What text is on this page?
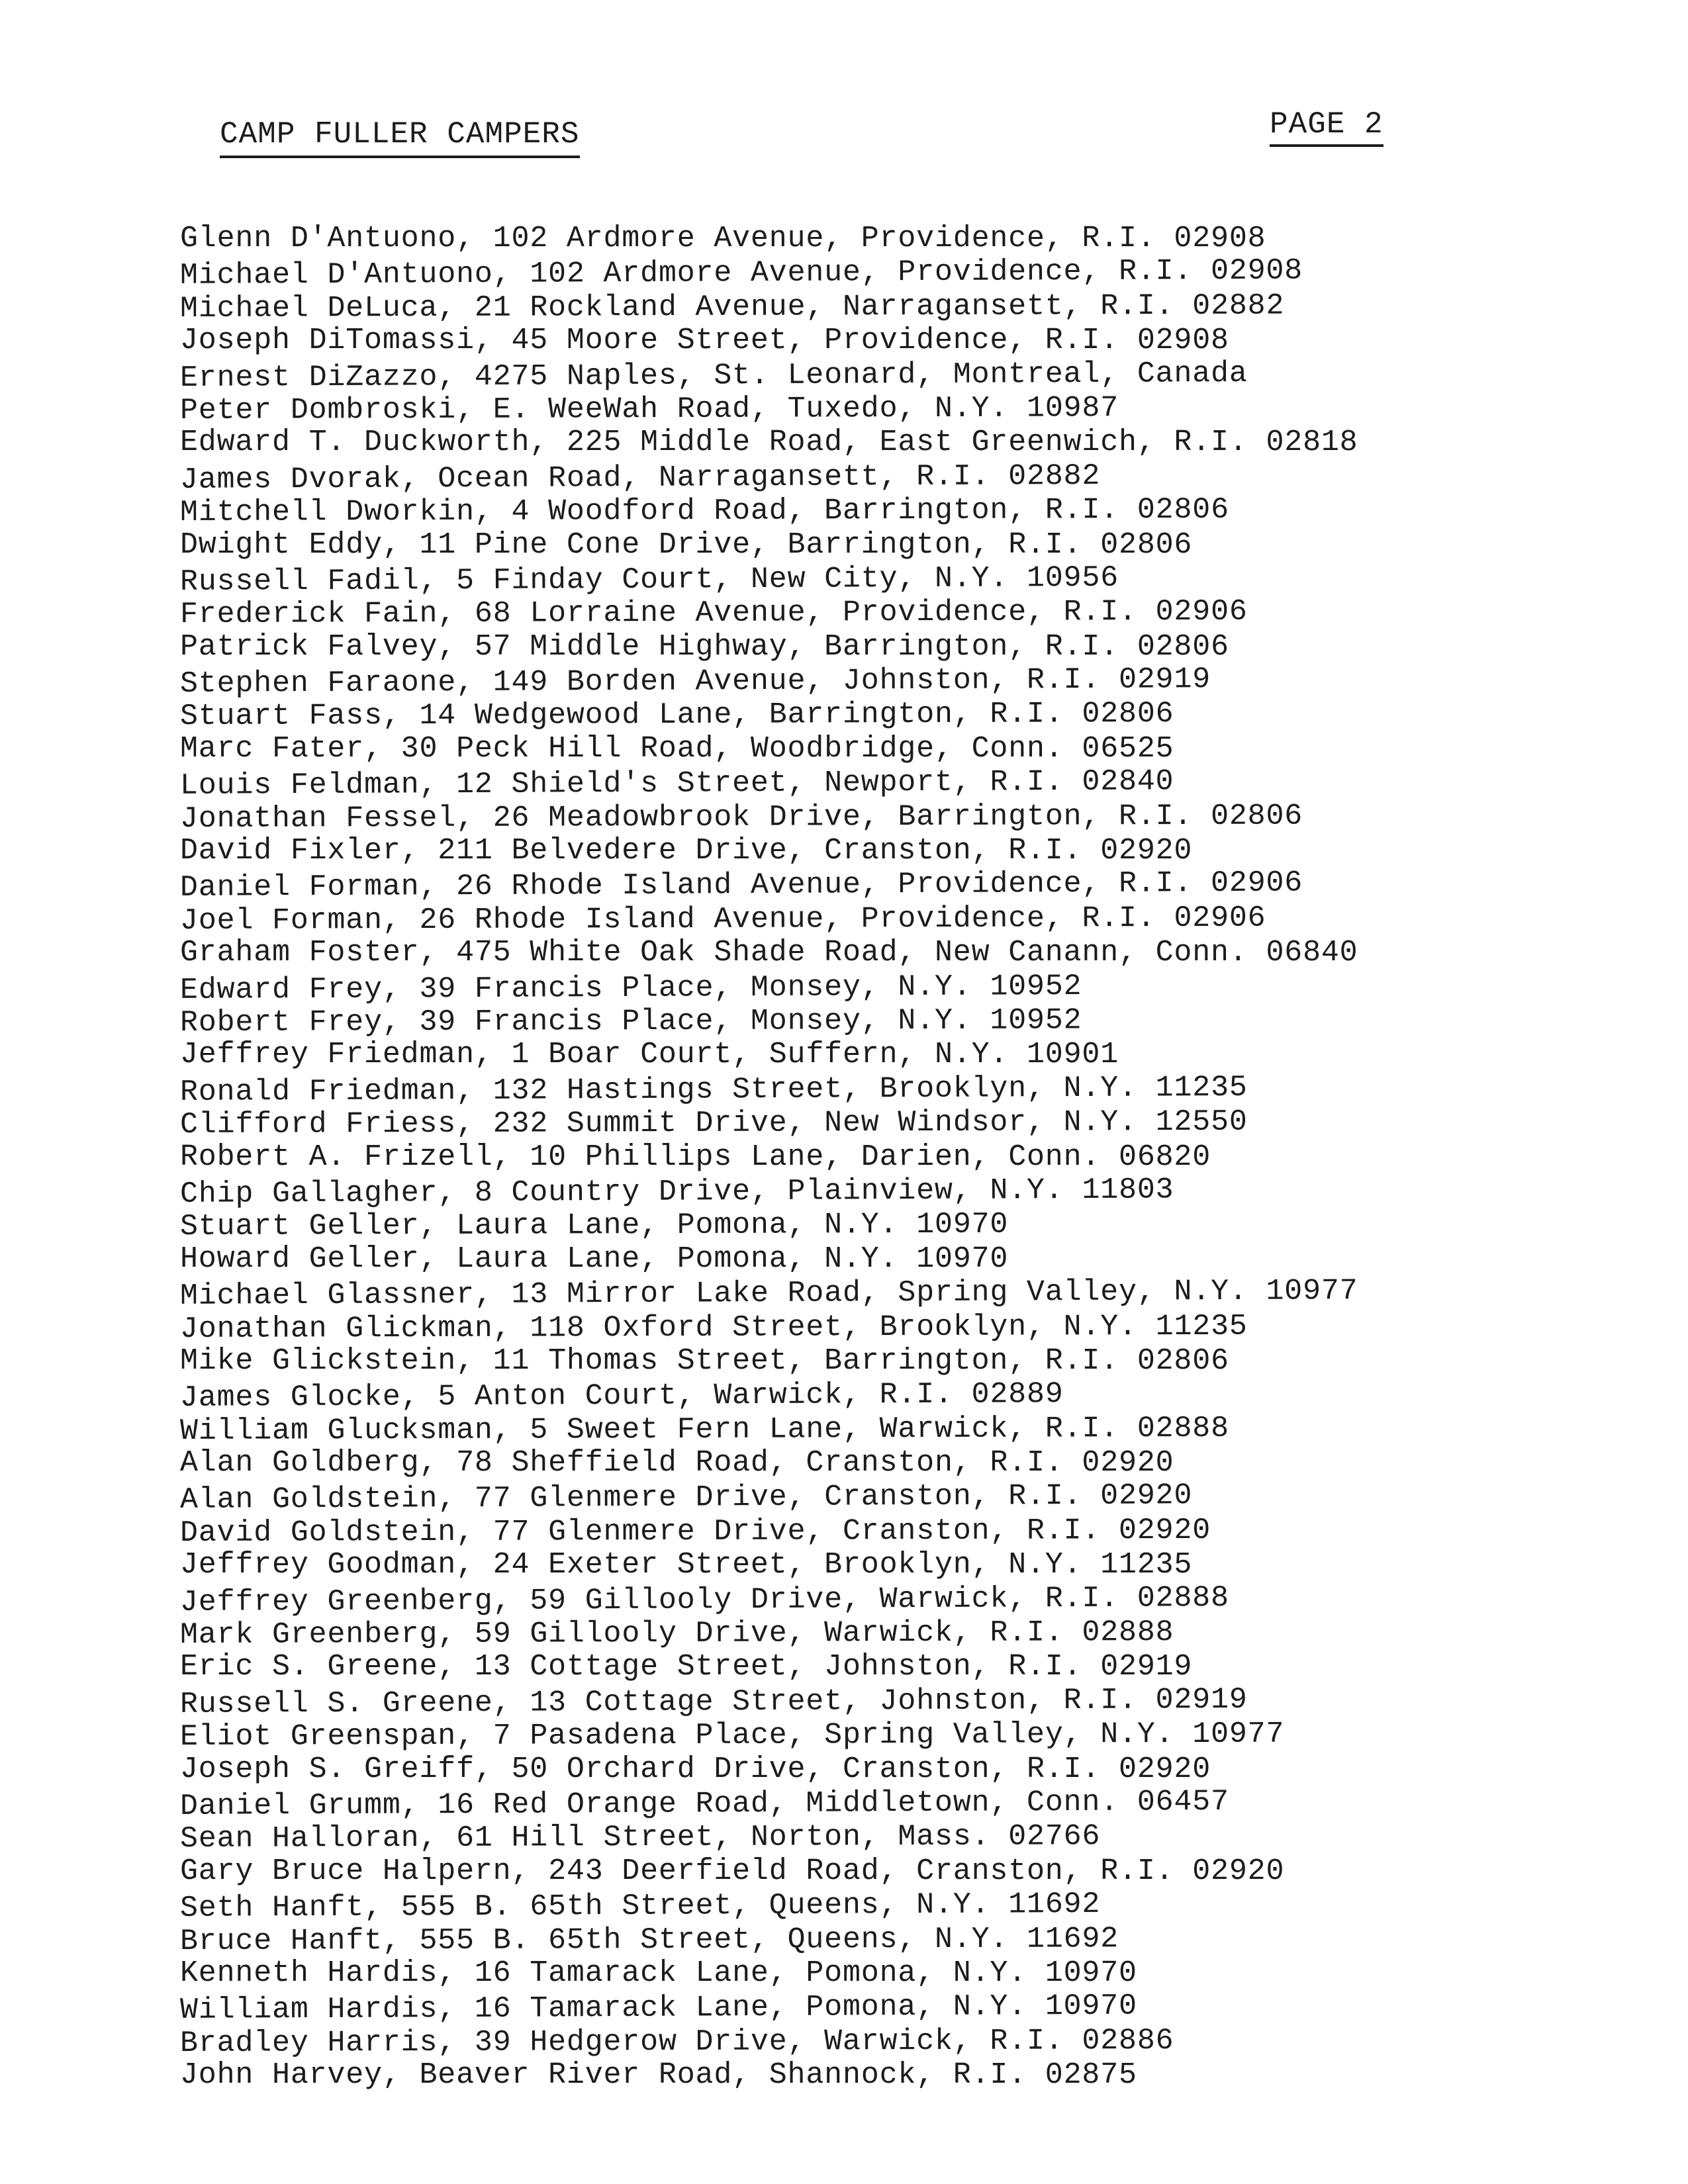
CAMP FULLER CAMPERS	PAGE 2
Glenn D'Antuono, 102 Ardmore Avenue, Providence, R.I. 02908
Michael D'Antuono, 102 Ardmore Avenue, Providence, R.I. 02908
Michael DeLuca, 21 Rockland Avenue, Narragansett, R.I. 02882
Joseph DiTomassi, 45 Moore Street, Providence, R.I. 02908
Ernest DiZazzo, 4275 Naples, St. Leonard, Montreal, Canada
Peter Dombroski, E. WeeWah Road, Tuxedo, N.Y. 10987
Edward T. Duckworth, 225 Middle Road, East Greenwich, R.I. 02818
James Dvorak, Ocean Road, Narragansett, R.I. 02882
Mitchell Dworkin, 4 Woodford Road, Barrington, R.I. 02806
Dwight Eddy, 11 Pine Cone Drive, Barrington, R.I. 02806
Russell Fadil, 5 Finday Court, New City, N.Y. 10956
Frederick Fain, 68 Lorraine Avenue, Providence, R.I. 02906
Patrick Falvey, 57 Middle Highway, Barrington, R.I. 02806
Stephen Faraone, 149 Borden Avenue, Johnston, R.I. 02919
Stuart Fass, 14 Wedgewood Lane, Barrington, R.I. 02806
Marc Fater, 30 Peck Hill Road, Woodbridge, Conn. 06525
Louis Feldman, 12 Shield's Street, Newport, R.I. 02840
Jonathan Fessel, 26 Meadowbrook Drive, Barrington, R.I. 02806
David Fixler, 211 Belvedere Drive, Cranston, R.I. 02920
Daniel Forman, 26 Rhode Island Avenue, Providence, R.I. 02906
Joel Forman, 26 Rhode Island Avenue, Providence, R.I. 02906
Graham Foster, 475 White Oak Shade Road, New Canann, Conn. 06840
Edward Frey, 39 Francis Place, Monsey, N.Y. 10952
Robert Frey, 39 Francis Place, Monsey, N.Y. 10952
Jeffrey Friedman, 1 Boar Court, Suffern, N.Y. 10901
Ronald Friedman, 132 Hastings Street, Brooklyn, N.Y. 11235
Clifford Friess, 232 Summit Drive, New Windsor, N.Y. 12550
Robert A. Frizell, 10 Phillips Lane, Darien, Conn. 06820
Chip Gallagher, 8 Country Drive, Plainview, N.Y. 11803
Stuart Geller, Laura Lane, Pomona, N.Y. 10970
Howard Geller, Laura Lane, Pomona, N.Y. 10970
Michael Glassner, 13 Mirror Lake Road, Spring Valley, N.Y. 10977
Jonathan Glickman, 118 Oxford Street, Brooklyn, N.Y. 11235
Mike Glickstein, 11 Thomas Street, Barrington, R.I. 02806
James Glocke, 5 Anton Court, Warwick, R.I. 02889
William Glucksman, 5 Sweet Fern Lane, Warwick, R.I. 02888
Alan Goldberg, 78 Sheffield Road, Cranston, R.I. 02920
Alan Goldstein, 77 Glenmere Drive, Cranston, R.I. 02920
David Goldstein, 77 Glenmere Drive, Cranston, R.I. 02920
Jeffrey Goodman, 24 Exeter Street, Brooklyn, N.Y. 11235
Jeffrey Greenberg, 59 Gillooly Drive, Warwick, R.I. 02888
Mark Greenberg, 59 Gillooly Drive, Warwick, R.I. 02888
Eric S. Greene, 13 Cottage Street, Johnston, R.I. 02919
Russell S. Greene, 13 Cottage Street, Johnston, R.I. 02919
Eliot Greenspan, 7 Pasadena Place, Spring Valley, N.Y. 10977
Joseph S. Greiff, 50 Orchard Drive, Cranston, R.I. 02920
Daniel Grumm, 16 Red Orange Road, Middletown, Conn. 06457
Sean Halloran, 61 Hill Street, Norton, Mass. 02766
Gary Bruce Halpern, 243 Deerfield Road, Cranston, R.I. 02920
Seth Hanft, 555 B. 65th Street, Queens, N.Y. 11692
Bruce Hanft, 555 B. 65th Street, Queens, N.Y. 11692
Kenneth Hardis, 16 Tamarack Lane, Pomona, N.Y. 10970
William Hardis, 16 Tamarack Lane, Pomona, N.Y. 10970
Bradley Harris, 39 Hedgerow Drive, Warwick, R.I. 02886
John Harvey, Beaver River Road, Shannock, R.I. 02875
